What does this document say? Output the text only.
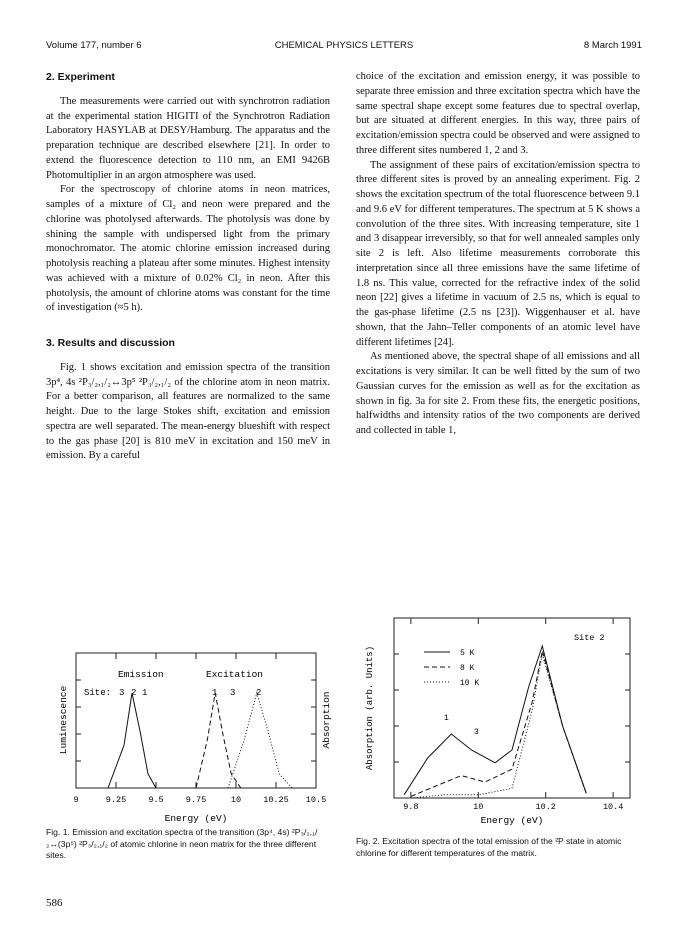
Volume 177, number 6	CHEMICAL PHYSICS LETTERS	8 March 1991
2. Experiment

The measurements were carried out with synchrotron radiation at the experimental station HIGITI of the Synchrotron Radiation Laboratory HASYLAB at DESY/Hamburg. The apparatus and the preparation technique are described elsewhere [21]. In order to extend the fluorescence detection to 110 nm, an EMI 9426B Photomultiplier in an argon atmosphere was used.

For the spectroscopy of chlorine atoms in neon matrices, samples of a mixture of Cl₂ and neon were prepared and the chlorine was photolysed afterwards. The photolysis was done by shining the sample with undispersed light from the primary monochromator. The atomic chlorine emission increased during photolysis reaching a plateau after some minutes. Highest intensity was achieved with a mixture of 0.02% Cl₂ in neon. After this photolysis, the amount of chlorine atoms was constant for the time of investigation (≈5 h).

3. Results and discussion

Fig. 1 shows excitation and emission spectra of the transition 3p⁴, 4s ²P₃/₂,₁/₂↔3p⁵ ²P₃/₂,₁/₂ of the chlorine atom in neon matrix. For a better comparison, all features are normalized to the same height. Due to the large Stokes shift, excitation and emission spectra are well separated. The mean-energy blueshift with respect to the gas phase [20] is 810 meV in excitation and 150 meV in emission. By a careful

choice of the excitation and emission energy, it was possible to separate three emission and three excitation spectra which have the same spectral shape except some features due to spectral overlap, but are situated at different energies. In this way, three pairs of excitation/emission spectra could be observed and were assigned to three different sites numbered 1, 2 and 3.

The assignment of these pairs of excitation/emission spectra to three different sites is proved by an annealing experiment. Fig. 2 shows the excitation spectrum of the total fluorescence between 9.1 and 9.6 eV for different temperatures. The spectrum at 5 K shows a convolution of the three sites. With increasing temperature, site 1 and 3 disappear irreversibly, so that for well annealed samples only site 2 is left. Also lifetime measurements corroborate this interpretation since all three emissions have the same lifetime of 1.8 ns. This value, corrected for the refractive index of the solid neon [22] gives a lifetime in vacuum of 2.5 ns, which is equal to the gas-phase lifetime (2.5 ns [23]). Wiggenhauser et al. have shown, that the Jahn–Teller components of an atomic level have different lifetimes [24].

As mentioned above, the spectral shape of all emissions and all excitations is very similar. It can be well fitted by the sum of two Gaussian curves for the emission as well as for the excitation as shown in fig. 3a for site 2. From these fits, the energetic positions, halfwidths and intensity ratios of the two components are derived and collected in table 1,

Emission	Excitation
Site: 3 2 1	1 3 2
Luminescence	Absorption
9	9.25	9.5	9.75	10	10.25 10.5
Energy (eV)
Fig. 1. Emission and excitation spectra of the transition (3p⁴, 4s) ²P₃/₂,₁/₂↔(3p⁵) ²P₃/₂,₁/₂ of atomic chlorine in neon matrix for the three different sites.
Site 2
5 K
8 K
10 K
1
3
Absorption (arb. Units)
9.8	10	10.2	10.4
Energy (eV)
Fig. 2. Excitation spectra of the total emission of the ²P state in atomic chlorine for different temperatures of the matrix.
586
